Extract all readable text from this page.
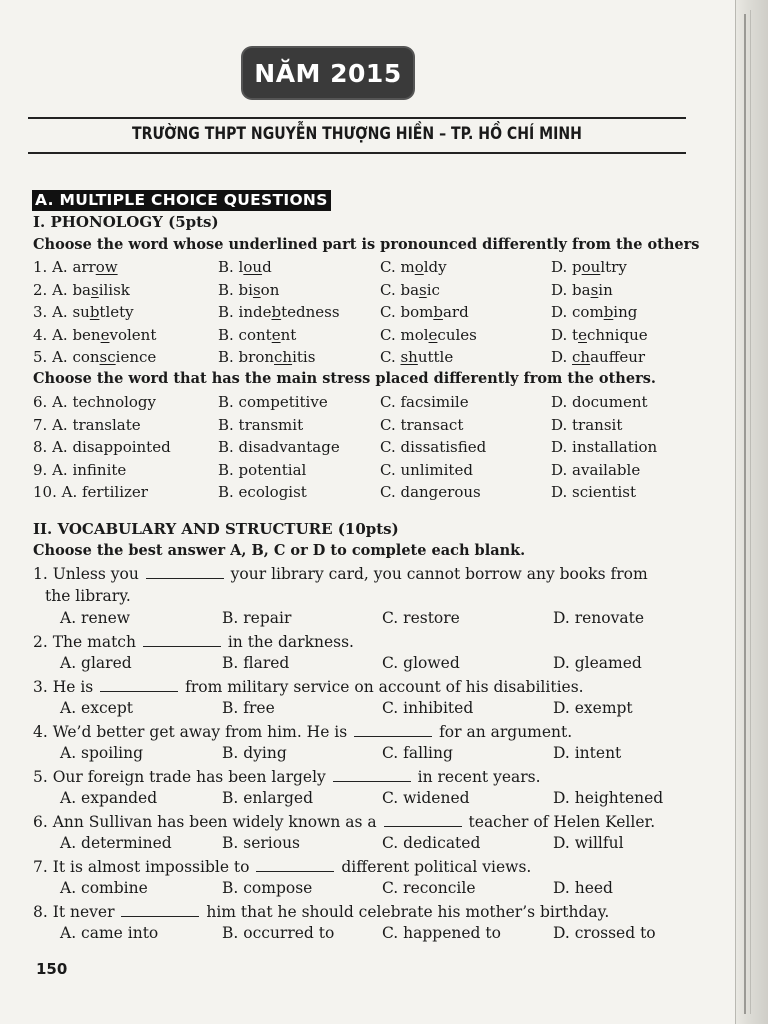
NĂM 2015
TRƯỜNG THPT NGUYỄN THƯỢNG HIỀN – TP. HỒ CHÍ MINH
A. MULTIPLE CHOICE QUESTIONS
I. PHONOLOGY (5pts)
Choose the word whose underlined part is pronounced differently from the others
1. A. arrow	B. loud	C. moldy	D. poultry
2. A. basilisk	B. bison	C. basic	D. basin
3. A. subtlety	B. indebtedness	C. bombard	D. combing
4. A. benevolent	B. content	C. molecules	D. technique
5. A. conscience	B. bronchitis	C. shuttle	D. chauffeur
Choose the word that has the main stress placed differently from the others.
6. A. technology	B. competitive	C. facsimile	D. document
7. A. translate	B. transmit	C. transact	D. transit
8. A. disappointed	B. disadvantage	C. dissatisfied	D. installation
9. A. infinite	B. potential	C. unlimited	D. available
10. A. fertilizer	B. ecologist	C. dangerous	D. scientist
II. VOCABULARY AND STRUCTURE (10pts)
Choose the best answer A, B, C or D to complete each blank.
1. Unless you	your library card, you cannot borrow any books from
the library.
A. renew	B. repair	C. restore	D. renovate
2. The match	in the darkness.
A. glared	B. flared	C. glowed	D. gleamed
3. He is	from military service on account of his disabilities.
A. except	B. free	C. inhibited	D. exempt
4. We’d better get away from him. He is	for an argument.
A. spoiling	B. dying	C. falling	D. intent
5. Our foreign trade has been largely	in recent years.
A. expanded	B. enlarged	C. widened	D. heightened
6. Ann Sullivan has been widely known as a	teacher of Helen Keller.
A. determined	B. serious	C. dedicated	D. willful
7. It is almost impossible to	different political views.
A. combine	B. compose	C. reconcile	D. heed
8. It never	him that he should celebrate his mother’s birthday.
A. came into	B. occurred to	C. happened to	D. crossed to
150
